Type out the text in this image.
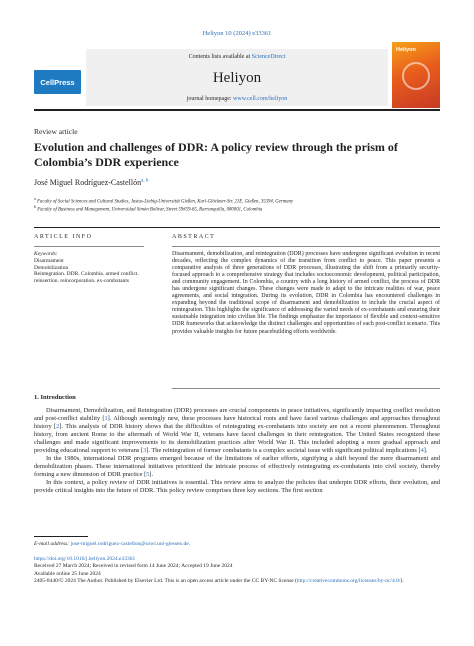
Heliyon 10 (2024) e33361
CellPress
Contents lists available at ScienceDirect
Heliyon
journal homepage: www.cell.com/heliyon
Heliyon
Review article
Evolution and challenges of DDR: A policy review through the prism of Colombia’s DDR experience
José Miguel Rodríguez-Castellón$^{a, b}$
$^a$ Faculty of Social Sciences and Cultural Studies, Justus-Liebig-Universität Gießen, Karl-Glöckner-Str. 21E, Gießen, 35394, Germany
$^b$ Faculty of Business and Management, Universidad Simón Bolívar, Street 59#59-65, Barranquilla, 080001, Colombia
ARTICLE INFO	ABSTRACT
Keywords:
Disarmament
Demobilization
Reintegration. DDR. Colombia. armed conflict.
reinsertion. reincorporation. ex-combatants
Disarmament, demobilization, and reintegration (DDR) processes have undergone significant evolution in recent decades, reflecting the complex dynamics of the transition from conflict to peace. This paper presents a comparative analysis of three generations of DDR processes, illustrating the shift from a primarily security-focused approach to a comprehensive strategy that includes socioeconomic development, political participation, and community engagement. In Colombia, a country with a long history of armed conflict, the process of DDR has undergone significant changes. These changes were made to adapt to the intricate realities of war, peace agreements, and social integration. During its evolution, DDR in Colombia has encountered challenges in expanding beyond the traditional scope of disarmament and demobilization to include the crucial aspect of reintegration. This highlights the significance of addressing the varied needs of ex-combatants and ensuring their sustainable integration into civilian life. The findings emphasize the importance of flexible and context-sensitive DDR frameworks that acknowledge the distinct challenges and opportunities of each post-conflict scenario. This provides valuable insights for future peacebuilding efforts worldwide.
1. Introduction

Disarmament, Demobilization, and Reintegration (DDR) processes are crucial components in peace initiatives, significantly impacting conflict resolution and post-conflict stability [1]. Although seemingly new, these processes have historical roots and have faced various challenges and approaches throughout history [2]. This analysis of DDR history shows that the difficulties of reintegrating ex-combatants into society are not a recent phenomenon. Throughout history, from ancient Rome to the aftermath of World War II, veterans have faced challenges in their reintegration. The United States recognized these challenges and made significant improvements to its demobilization practices after World War II. This included adopting a more gradual approach and providing educational support to veterans [3]. The reintegration of former combatants is a complex societal issue with significant political implications [4].

In the 1980s, international DDR programs emerged because of the limitations of earlier efforts, signifying a shift beyond the mere disarmament and demobilization phases. These international initiatives prioritized the intricate process of effectively reintegrating ex-combatants into civil society, thereby forming a new dimension of DDR practice [5].

In this context, a policy review of DDR initiatives is essential. This review aims to analyze the policies that underpin DDR efforts, their evolution, and provide critical insights into the future of DDR. This policy review comprises three key sections. The first section

E-mail address: jose-miguel.rodriguez-castellon@sowi.uni-giessen.de.
https://doi.org/10.1016/j.heliyon.2024.e33361
Received 27 March 2024; Received in revised form 14 June 2024; Accepted 19 June 2024
Available online 25 June 2024
2405-8440/© 2024 The Author. Published by Elsevier Ltd. This is an open access article under the CC BY-NC license (http://creativecommons.org/licenses/by-nc/4.0/).
